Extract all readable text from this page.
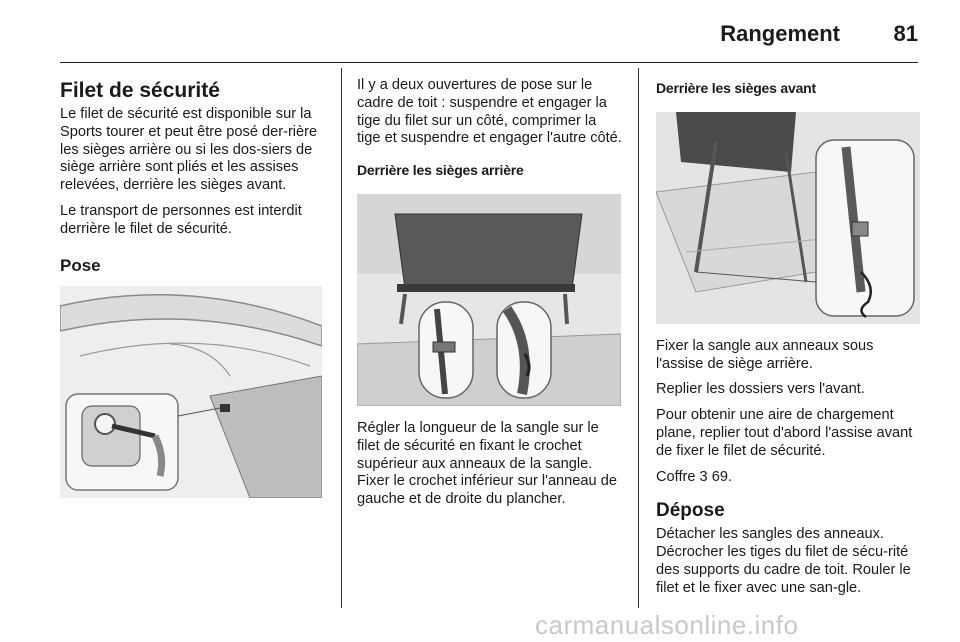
Rangement 81
Filet de sécurité

Le filet de sécurité est disponible sur la Sports tourer et peut être posé der-rière les sièges arrière ou si les dos-siers de siège arrière sont pliés et les assises relevées, derrière les sièges avant.

Le transport de personnes est interdit derrière le filet de sécurité.

Pose

Il y a deux ouvertures de pose sur le cadre de toit : suspendre et engager la tige du filet sur un côté, comprimer la tige et suspendre et engager l'autre côté.

Derrière les sièges arrière

Régler la longueur de la sangle sur le filet de sécurité en fixant le crochet supérieur aux anneaux de la sangle. Fixer le crochet inférieur sur l'anneau de gauche et de droite du plancher.

Derrière les sièges avant

Fixer la sangle aux anneaux sous l'assise de siège arrière.

Replier les dossiers vers l'avant.

Pour obtenir une aire de chargement plane, replier tout d'abord l'assise avant de fixer le filet de sécurité.

Coffre 3 69.

Dépose

Détacher les sangles des anneaux. Décrocher les tiges du filet de sécu-rité des supports du cadre de toit. Rouler le filet et le fixer avec une san-gle.

carmanualsonline.info
